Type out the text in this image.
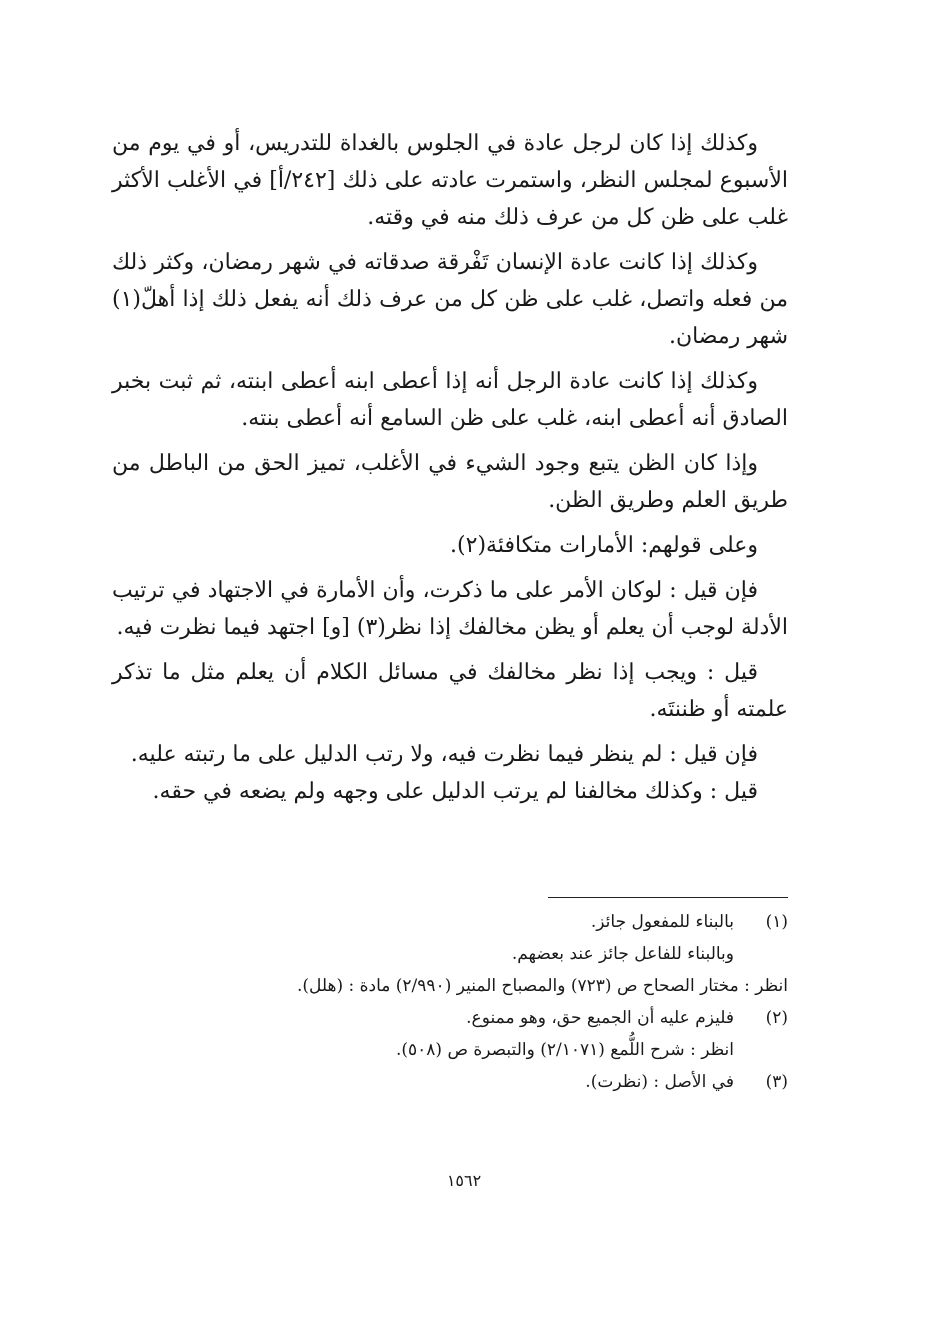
وكذلك إذا كان لرجل عادة في الجلوس بالغداة للتدريس، أو في يوم من الأسبوع لمجلس النظر، واستمرت عادته على ذلك [٢٤٢/أ] في الأغلب الأكثر غلب على ظن كل من عرف ذلك منه في وقته.

وكذلك إذا كانت عادة الإنسان تَفْرقة صدقاته في شهر رمضان، وكثر ذلك من فعله واتصل، غلب على ظن كل من عرف ذلك أنه يفعل ذلك إذا أهلّ(١) شهر رمضان.

وكذلك إذا كانت عادة الرجل أنه إذا أعطى ابنه أعطى ابنته، ثم ثبت بخبر الصادق أنه أعطى ابنه، غلب على ظن السامع أنه أعطى بنته.

وإذا كان الظن يتبع وجود الشيء في الأغلب، تميز الحق من الباطل من طريق العلم وطريق الظن.

وعلى قولهم: الأمارات متكافئة(٢).

فإن قيل : لوكان الأمر على ما ذكرت، وأن الأمارة في الاجتهاد في ترتيب الأدلة لوجب أن يعلم أو يظن مخالفك إذا نظر(٣) [و] اجتهد فيما نظرت فيه.

قيل : ويجب إذا نظر مخالفك في مسائل الكلام أن يعلم مثل ما تذكر علمته أو ظننتَه.

فإن قيل : لم ينظر فيما نظرت فيه، ولا رتب الدليل على ما رتبته عليه.

قيل : وكذلك مخالفنا لم يرتب الدليل على وجهه ولم يضعه في حقه.

(١)
بالبناء للمفعول جائز.
وبالبناء للفاعل جائز عند بعضهم.
انظر : مختار الصحاح ص (٧٢٣) والمصباح المنير (٢/٩٩٠) مادة : (هلل).
(٢)
فليزم عليه أن الجميع حق، وهو ممنوع.
انظر : شرح اللُّمع (٢/١٠٧١) والتبصرة ص (٥٠٨).
(٣)
في الأصل : (نظرت).
١٥٦٢
